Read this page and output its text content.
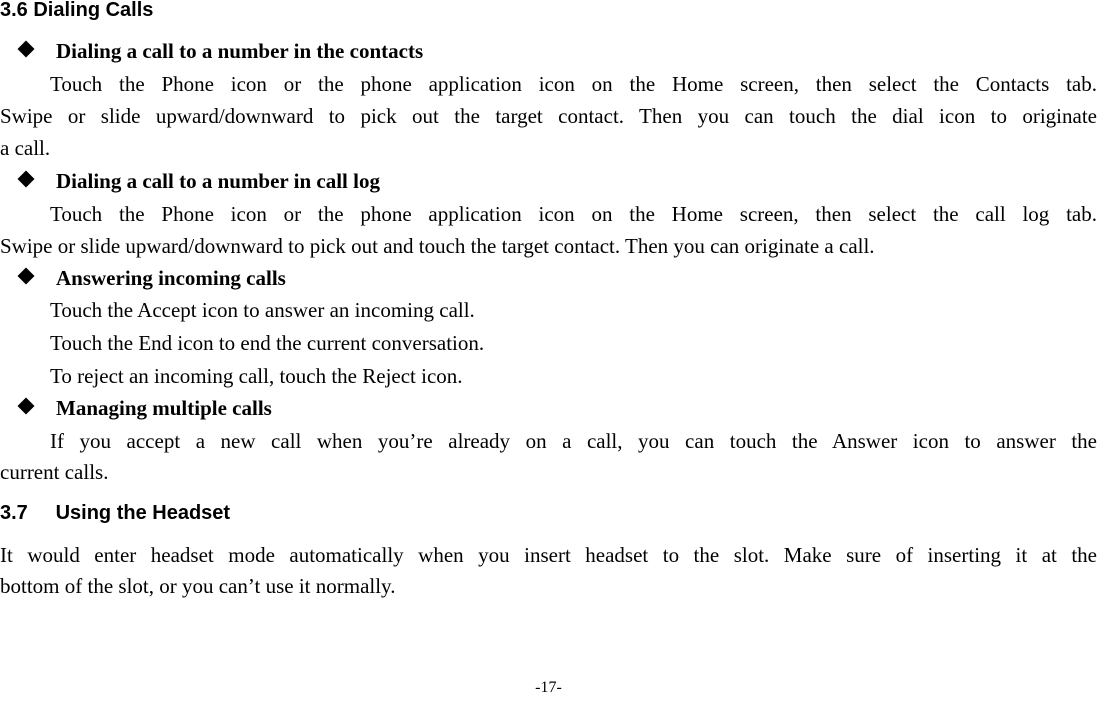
3.6 Dialing Calls
Dialing a call to a number in the contacts
Touch the Phone icon or the phone application icon on the Home screen, then select the Contacts tab.
Swipe or slide upward/downward to pick out the target contact. Then you can touch the dial icon to originate
a call.
Dialing a call to a number in call log
Touch the Phone icon or the phone application icon on the Home screen, then select the call log tab.
Swipe or slide upward/downward to pick out and touch the target contact. Then you can originate a call.
Answering incoming calls
Touch the Accept icon to answer an incoming call.
Touch the End icon to end the current conversation.
To reject an incoming call, touch the Reject icon.
Managing multiple calls
If you accept a new call when you’re already on a call, you can touch the Answer icon to answer the
current calls.
3.7     Using the Headset
It would enter headset mode automatically when you insert headset to the slot. Make sure of inserting it at the
bottom of the slot, or you can’t use it normally.
-17-
